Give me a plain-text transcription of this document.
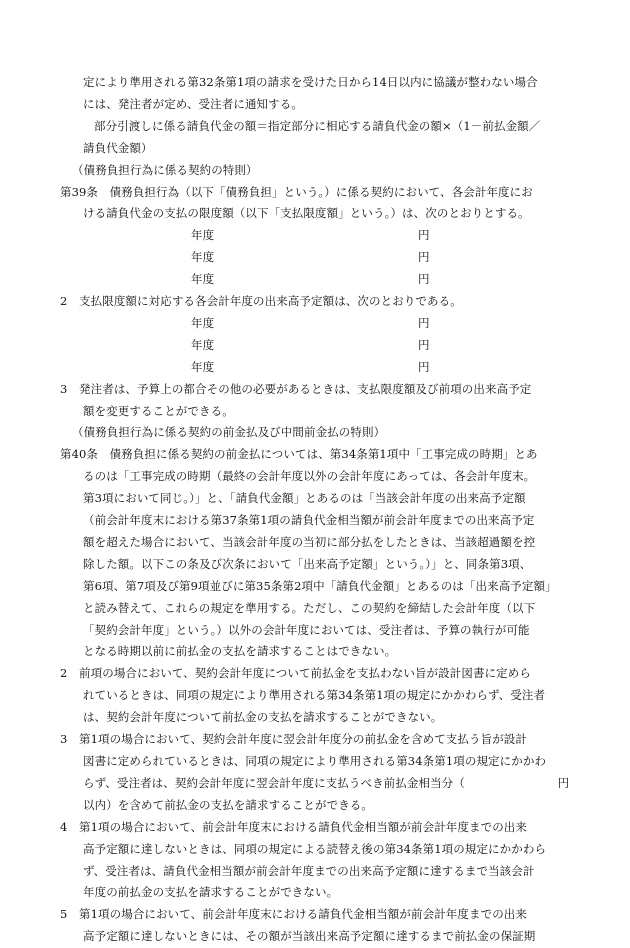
定により準用される第32条第1項の請求を受けた日から14日以内に協議が整わない場合
には、発注者が定め、受注者に通知する。
部分引渡しに係る請負代金の額＝指定部分に相応する請負代金の額×（1－前払金額／
請負代金額）
（債務負担行為に係る契約の特則）
第39条　債務負担行為（以下「債務負担」という。）に係る契約において、各会計年度にお
ける請負代金の支払の限度額（以下「支払限度額」という。）は、次のとおりとする。
年度	円
年度	円
年度	円
2　支払限度額に対応する各会計年度の出来高予定額は、次のとおりである。
年度	円
年度	円
年度	円
3　発注者は、予算上の都合その他の必要があるときは、支払限度額及び前項の出来高予定
額を変更することができる。
（債務負担行為に係る契約の前金払及び中間前金払の特則）
第40条　債務負担に係る契約の前金払については、第34条第1項中「工事完成の時期」とあ
るのは「工事完成の時期（最終の会計年度以外の会計年度にあっては、各会計年度末。
第3項において同じ。）」と、「請負代金額」とあるのは「当該会計年度の出来高予定額
（前会計年度末における第37条第1項の請負代金相当額が前会計年度までの出来高予定
額を超えた場合において、当該会計年度の当初に部分払をしたときは、当該超過額を控
除した額。以下この条及び次条において「出来高予定額」という。）」と、同条第3項、
第6項、第7項及び第9項並びに第35条第2項中「請負代金額」とあるのは「出来高予定額」
と読み替えて、これらの規定を準用する。ただし、この契約を締結した会計年度（以下
「契約会計年度」という。）以外の会計年度においては、受注者は、予算の執行が可能
となる時期以前に前払金の支払を請求することはできない。
2　前項の場合において、契約会計年度について前払金を支払わない旨が設計図書に定めら
れているときは、同項の規定により準用される第34条第1項の規定にかかわらず、受注者
は、契約会計年度について前払金の支払を請求することができない。
3　第1項の場合において、契約会計年度に翌会計年度分の前払金を含めて支払う旨が設計
図書に定められているときは、同項の規定により準用される第34条第1項の規定にかかわ
らず、受注者は、契約会計年度に翌会計年度に支払うべき前払金相当分（　　　　　　　　円
以内）を含めて前払金の支払を請求することができる。
4　第1項の場合において、前会計年度末における請負代金相当額が前会計年度までの出来
高予定額に達しないときは、同項の規定による読替え後の第34条第1項の規定にかかわら
ず、受注者は、請負代金相当額が前会計年度までの出来高予定額に達するまで当該会計
年度の前払金の支払を請求することができない。
5　第1項の場合において、前会計年度末における請負代金相当額が前会計年度までの出来
高予定額に達しないときには、その額が当該出来高予定額に達するまで前払金の保証期
